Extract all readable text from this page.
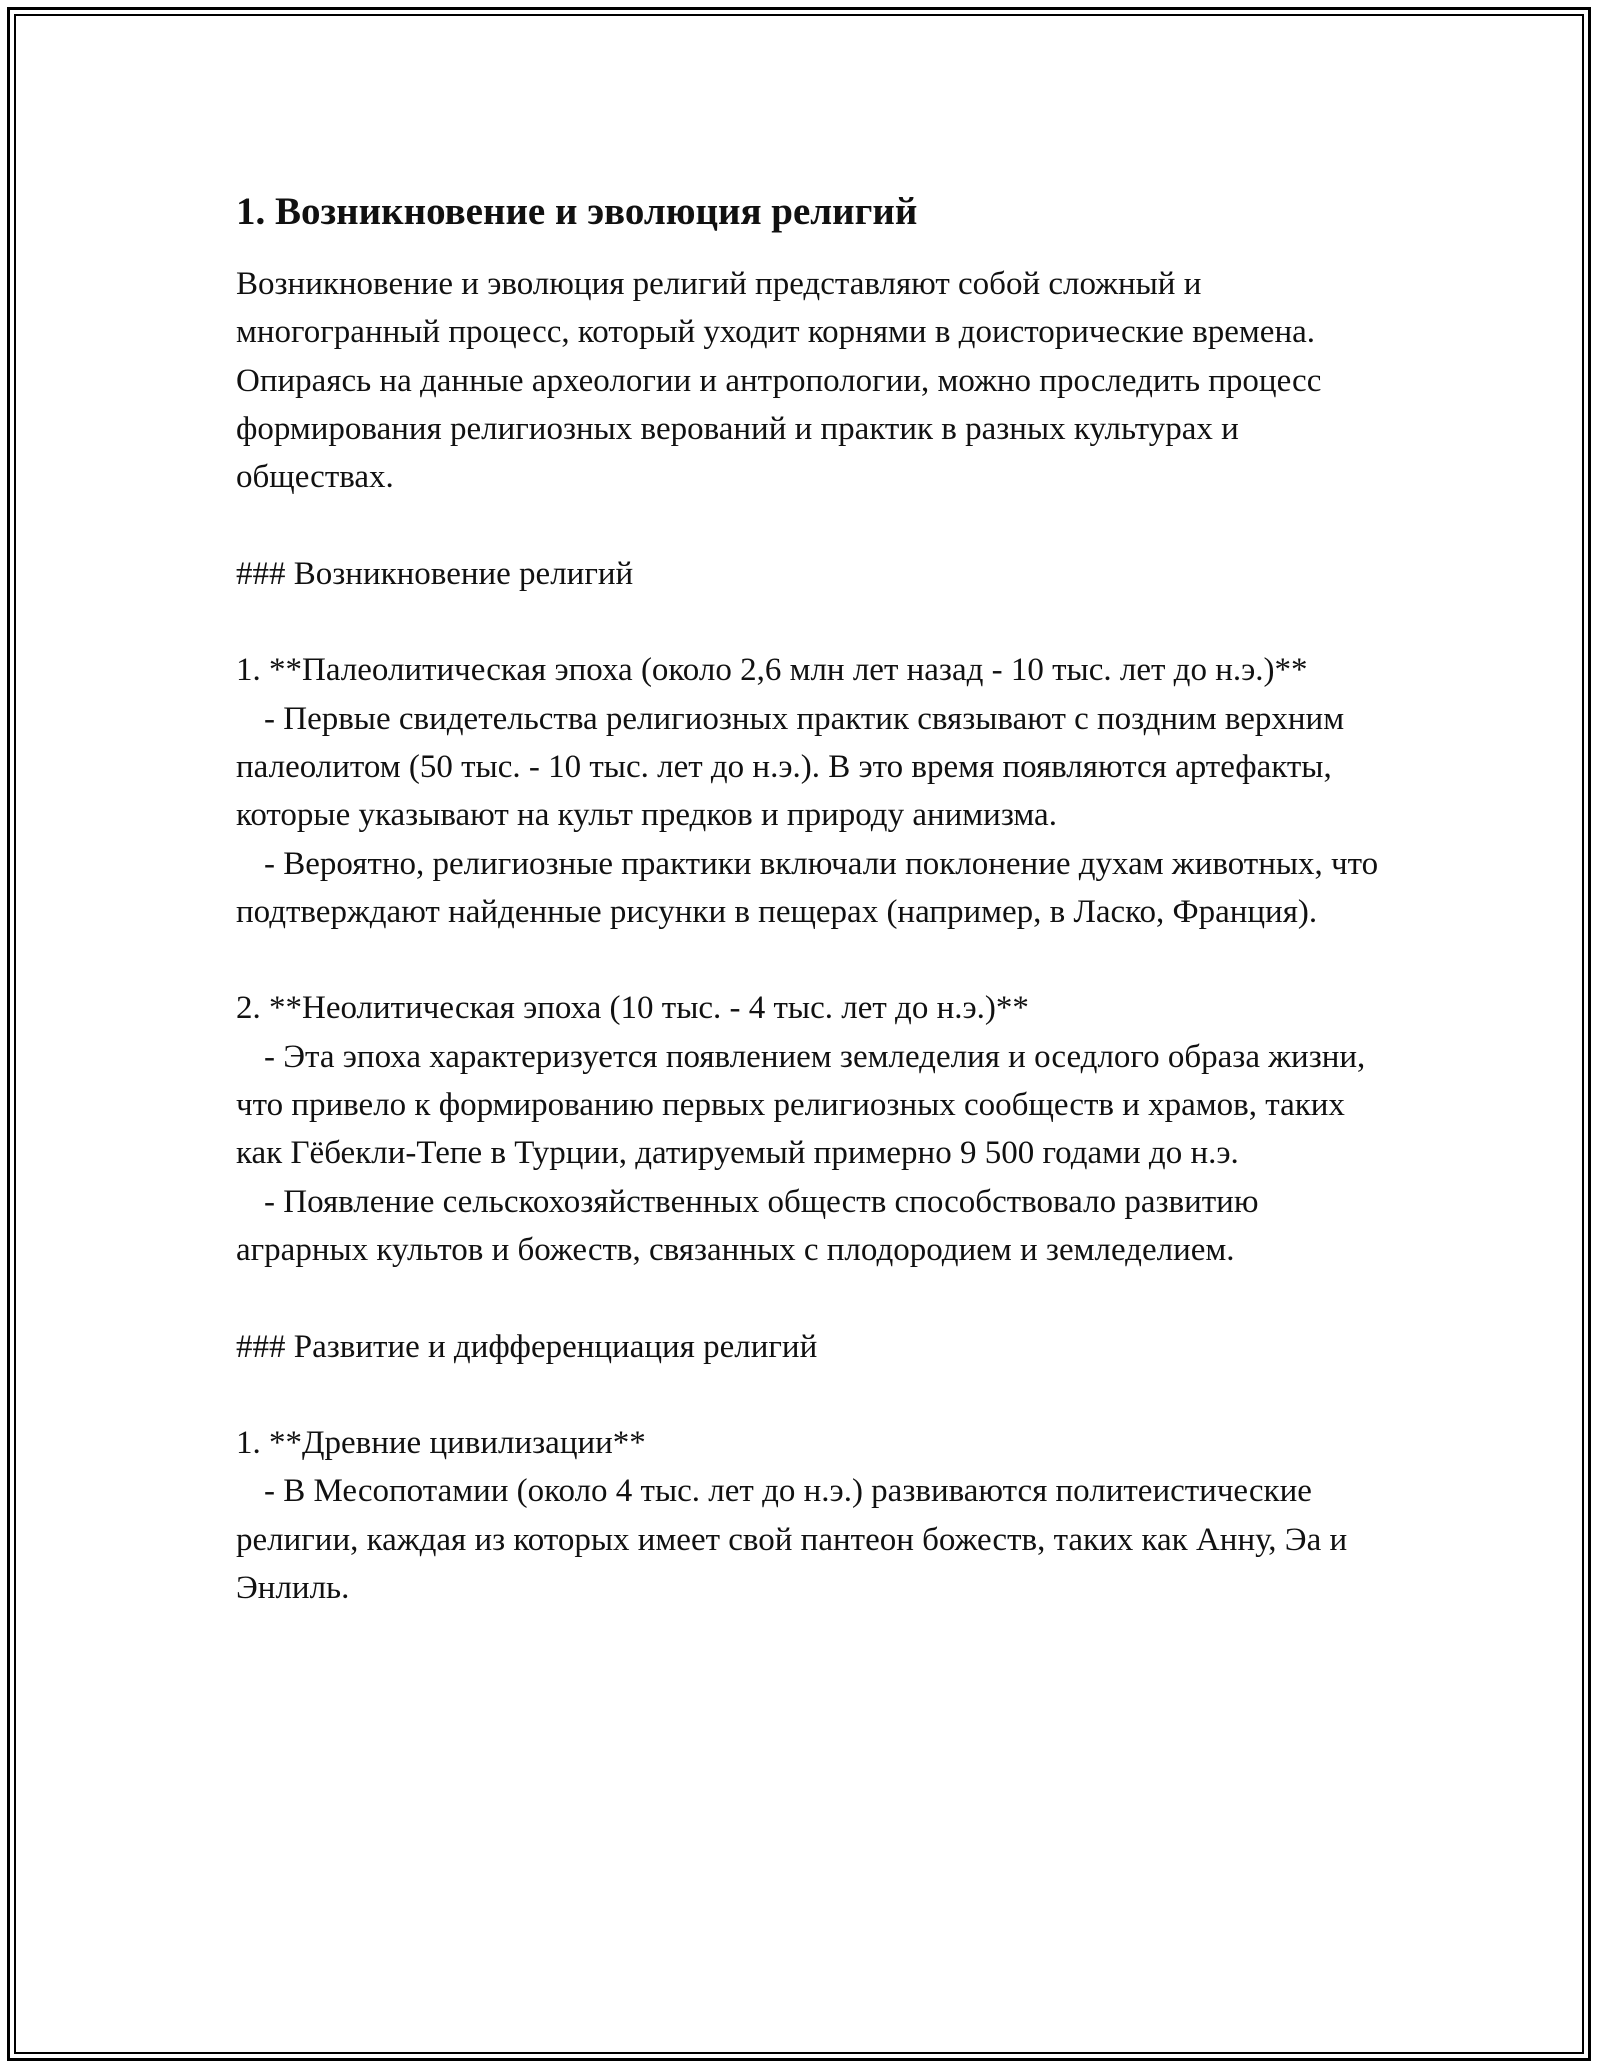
1. Возникновение и эволюция религий

Возникновение и эволюция религий представляют собой сложный и многогранный процесс, который уходит корнями в доисторические времена. Опираясь на данные археологии и антропологии, можно проследить процесс формирования религиозных верований и практик в разных культурах и обществах.

### Возникновение религий

1. **Палеолитическая эпоха (около 2,6 млн лет назад - 10 тыс. лет до н.э.)**

- Первые свидетельства религиозных практик связывают с поздним верхним палеолитом (50 тыс. - 10 тыс. лет до н.э.). В это время появляются артефакты, которые указывают на культ предков и природу анимизма.

- Вероятно, религиозные практики включали поклонение духам животных, что подтверждают найденные рисунки в пещерах (например, в Ласко, Франция).

2. **Неолитическая эпоха (10 тыс. - 4 тыс. лет до н.э.)**

- Эта эпоха характеризуется появлением земледелия и оседлого образа жизни, что привело к формированию первых религиозных сообществ и храмов, таких как Гёбекли-Тепе в Турции, датируемый примерно 9 500 годами до н.э.

- Появление сельскохозяйственных обществ способствовало развитию аграрных культов и божеств, связанных с плодородием и земледелием.

### Развитие и дифференциация религий

1. **Древние цивилизации**

- В Месопотамии (около 4 тыс. лет до н.э.) развиваются политеистические религии, каждая из которых имеет свой пантеон божеств, таких как Анну, Эа и Энлиль.
